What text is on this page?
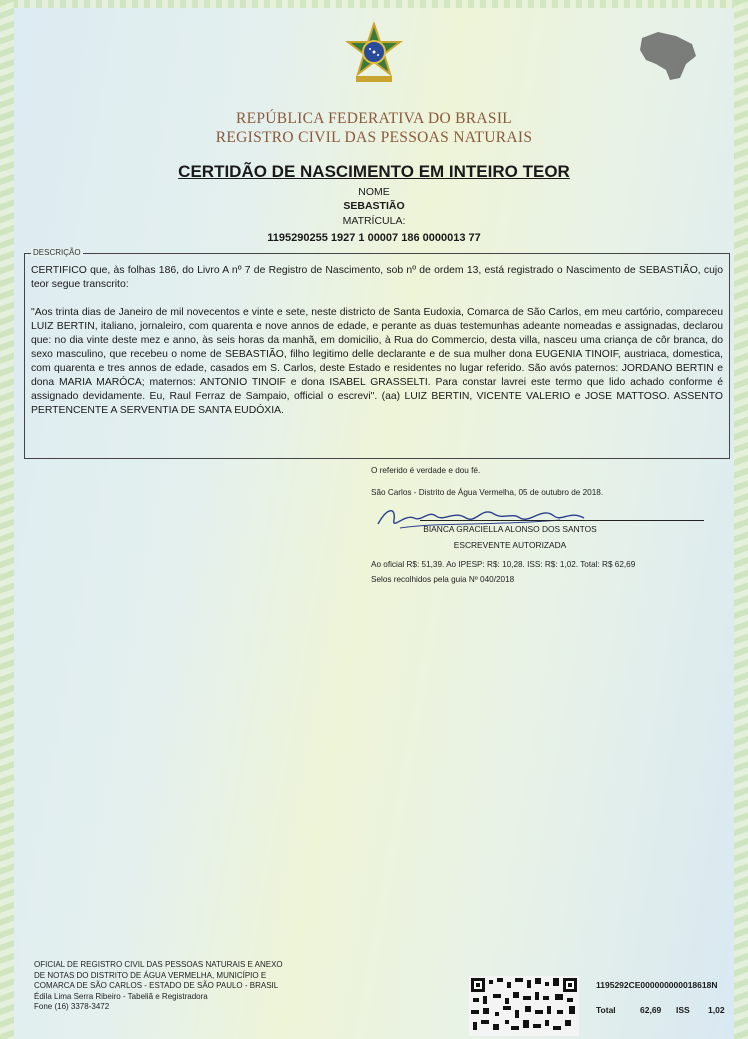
REPÚBLICA FEDERATIVA DO BRASIL
REGISTRO CIVIL DAS PESSOAS NATURAIS
CERTIDÃO DE NASCIMENTO EM INTEIRO TEOR
NOME
SEBASTIÃO
MATRÍCULA:
1195290255 1927 1 00007 186 0000013 77
DESCRIÇÃO
CERTIFICO que, às folhas 186, do Livro A nº 7 de Registro de Nascimento, sob nº de ordem 13, está registrado o Nascimento de SEBASTIÃO, cujo teor segue transcrito:
"Aos trinta dias de Janeiro de mil novecentos e vinte e sete, neste districto de Santa Eudoxia, Comarca de São Carlos, em meu cartório, compareceu LUIZ BERTIN, italiano, jornaleiro, com quarenta e nove annos de edade, e perante as duas testemunhas adeante nomeadas e assignadas, declarou que: no dia vinte deste mez e anno, às seis horas da manhã, em domicilio, à Rua do Commercio, desta villa, nasceu uma criança de côr branca, do sexo masculino, que recebeu o nome de SEBASTIÃO, filho legitimo delle declarante e de sua mulher dona EUGENIA TINOIF, austriaca, domestica, com quarenta e tres annos de edade, casados em S. Carlos, deste Estado e residentes no lugar referido. São avós paternos: JORDANO BERTIN e dona MARIA MARÓCA; maternos: ANTONIO TINOIF e dona ISABEL GRASSELTI. Para constar lavrei este termo que lido achado conforme é assignado devidamente. Eu, Raul Ferraz de Sampaio, official o escrevi". (aa) LUIZ BERTIN, VICENTE VALERIO e JOSE MATTOSO. ASSENTO PERTENCENTE A SERVENTIA DE SANTA EUDÓXIA.
O referido é verdade e dou fé.
São Carlos - Distrito de Água Vermelha, 05 de outubro de 2018.
BIANCA GRACIELLA ALONSO DOS SANTOS
ESCREVENTE AUTORIZADA
Ao oficial R$: 51,39. Ao IPESP: R$: 10,28. ISS: R$: 1,02. Total: R$ 62,69
Selos recolhidos pela guia Nº 040/2018
OFICIAL DE REGISTRO CIVIL DAS PESSOAS NATURAIS E ANEXO
DE NOTAS DO DISTRITO DE ÁGUA VERMELHA, MUNICÍPIO E
COMARCA DE SÃO CARLOS - ESTADO DE SÃO PAULO - BRASIL
Édila Lima Serra Ribeiro - Tabeliã e Registradora
Fone (16) 3378-3472
1195292CE000000000018618N
Total	62,69	ISS	1,02
